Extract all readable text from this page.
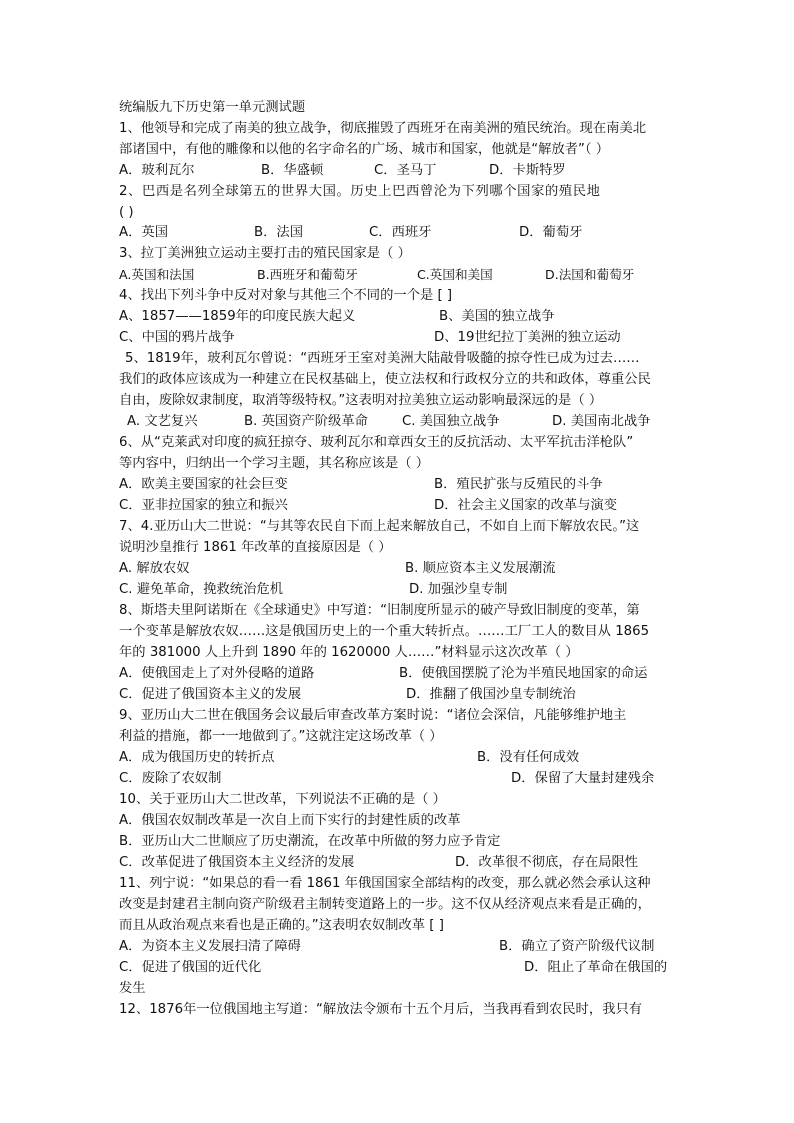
统编版九下历史第一单元测试题
1、他领导和完成了南美的独立战争，彻底摧毁了西班牙在南美洲的殖民统治。现在南美北
部诸国中，有他的雕像和以他的名字命名的广场、城市和国家，他就是“解放者”（ ）
A．玻利瓦尔	B．华盛顿	C．圣马丁	D．卡斯特罗
2、巴西是名列全球第五的世界大国。历史上巴西曾沦为下列哪个国家的殖民地
( )
A．英国	B．法国	C．西班牙	D．葡萄牙
3、拉丁美洲独立运动主要打击的殖民国家是（ ）
A.英国和法国	B.西班牙和葡萄牙	C.英国和美国	D.法国和葡萄牙
4、找出下列斗争中反对对象与其他三个不同的一个是 [ ]
A、1857——1859年的印度民族大起义	B、美国的独立战争
C、中国的鸦片战争	D、19世纪拉丁美洲的独立运动
5、1819年，玻利瓦尔曾说：“西班牙王室对美洲大陆敲骨吸髓的掠夺性已成为过去……
我们的政体应该成为一种建立在民权基础上，使立法权和行政权分立的共和政体，尊重公民
自由，废除奴隶制度，取消等级特权。”这表明对拉美独立运动影响最深远的是（ ）
A. 文艺复兴	B. 英国资产阶级革命	C. 美国独立战争	D. 美国南北战争
6、从“克莱武对印度的疯狂掠夺、玻利瓦尔和章西女王的反抗活动、太平军抗击洋枪队”
等内容中，归纳出一个学习主题，其名称应该是（ ）
A．欧美主要国家的社会巨变	B．殖民扩张与反殖民的斗争
C．亚非拉国家的独立和振兴	D．社会主义国家的改革与演变
7、4.亚历山大二世说：“与其等农民自下而上起来解放自己，不如自上而下解放农民。”这
说明沙皇推行 1861 年改革的直接原因是（ ）
A. 解放农奴	B. 顺应资本主义发展潮流
C. 避免革命，挽救统治危机	D. 加强沙皇专制
8、斯塔夫里阿诺斯在《全球通史》中写道：“旧制度所显示的破产导致旧制度的变革，第
一个变革是解放农奴……这是俄国历史上的一个重大转折点。……工厂工人的数目从 1865
年的 381000 人上升到 1890 年的 1620000 人……”材料显示这次改革（ ）
A．使俄国走上了对外侵略的道路	B．使俄国摆脱了沦为半殖民地国家的命运
C．促进了俄国资本主义的发展	D．推翻了俄国沙皇专制统治
9、亚历山大二世在俄国务会议最后审查改革方案时说：“诸位会深信，凡能够维护地主
利益的措施，都一一地做到了。”这就注定这场改革（ ）
A．成为俄国历史的转折点	B．没有任何成效
C．废除了农奴制	D．保留了大量封建残余
10、关于亚历山大二世改革，下列说法不正确的是（ ）
A．俄国农奴制改革是一次自上而下实行的封建性质的改革
B．亚历山大二世顺应了历史潮流，在改革中所做的努力应予肯定
C．改革促进了俄国资本主义经济的发展	D．改革很不彻底，存在局限性
11、列宁说：“如果总的看一看 1861 年俄国国家全部结构的改变，那么就必然会承认这种
改变是封建君主制向资产阶级君主制转变道路上的一步。这不仅从经济观点来看是正确的，
而且从政治观点来看也是正确的。”这表明农奴制改革 [ ]
A．为资本主义发展扫清了障碍	B．确立了资产阶级代议制
C．促进了俄国的近代化	D．阻止了革命在俄国的
发生
12、1876年一位俄国地主写道：“解放法令颁布十五个月后，当我再看到农民时，我只有
